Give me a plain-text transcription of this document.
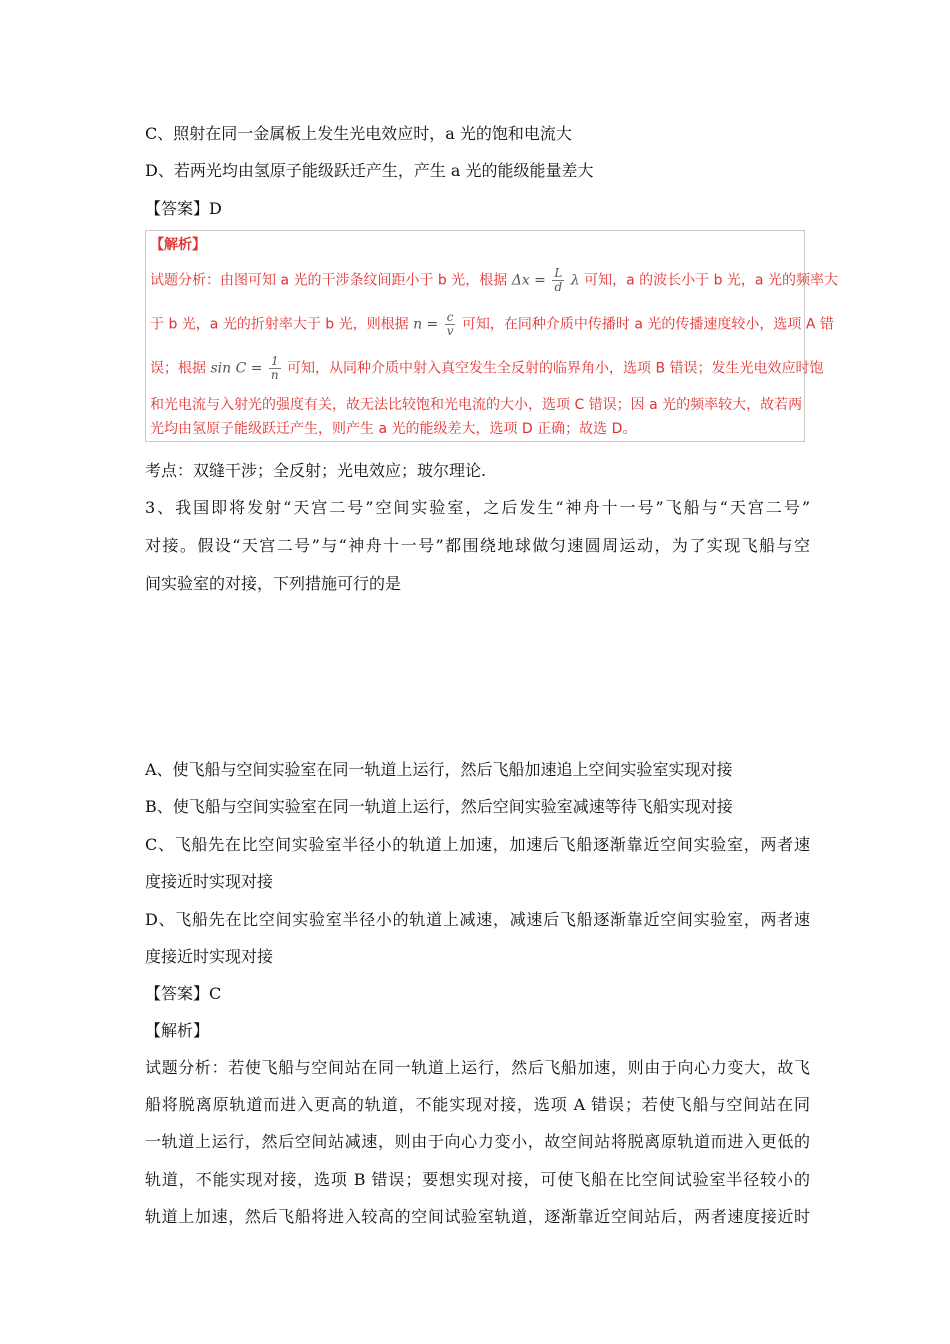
C、照射在同一金属板上发生光电效应时，a 光的饱和电流大
D、若两光均由氢原子能级跃迁产生，产生 a 光的能级能量差大
【答案】D
【解析】
试题分析：由图可知 a 光的干涉条纹间距小于 b 光，根据 $\Delta x = \frac{L}{d}$ λ 可知，a 的波长小于 b 光，a 光的频率大
于 b 光，a 光的折射率大于 b 光，则根据 $n = \frac{c}{v}$ 可知，在同种介质中传播时 a 光的传播速度较小，选项 A 错
误；根据 $\sin C = \frac{1}{n}$ 可知，从同种介质中射入真空发生全反射的临界角小，选项 B 错误；发生光电效应时饱
和光电流与入射光的强度有关，故无法比较饱和光电流的大小，选项 C 错误；因 a 光的频率较大，故若两
光均由氢原子能级跃迁产生，则产生 a 光的能级差大，选项 D 正确；故选 D。
考点：双缝干涉；全反射；光电效应；玻尔理论.
3、我国即将发射“天宫二号”空间实验室，之后发生“神舟十一号”飞船与“天宫二号”
对接。假设“天宫二号”与“神舟十一号”都围绕地球做匀速圆周运动，为了实现飞船与空
间实验室的对接，下列措施可行的是
A、使飞船与空间实验室在同一轨道上运行，然后飞船加速追上空间实验室实现对接
B、使飞船与空间实验室在同一轨道上运行，然后空间实验室减速等待飞船实现对接
C、飞船先在比空间实验室半径小的轨道上加速，加速后飞船逐渐靠近空间实验室，两者速
度接近时实现对接
D、飞船先在比空间实验室半径小的轨道上减速，减速后飞船逐渐靠近空间实验室，两者速
度接近时实现对接
【答案】C
【解析】
试题分析：若使飞船与空间站在同一轨道上运行，然后飞船加速，则由于向心力变大，故飞
船将脱离原轨道而进入更高的轨道，不能实现对接，选项 A 错误；若使飞船与空间站在同
一轨道上运行，然后空间站减速，则由于向心力变小，故空间站将脱离原轨道而进入更低的
轨道，不能实现对接，选项 B 错误；要想实现对接，可使飞船在比空间试验室半径较小的
轨道上加速，然后飞船将进入较高的空间试验室轨道，逐渐靠近空间站后，两者速度接近时
